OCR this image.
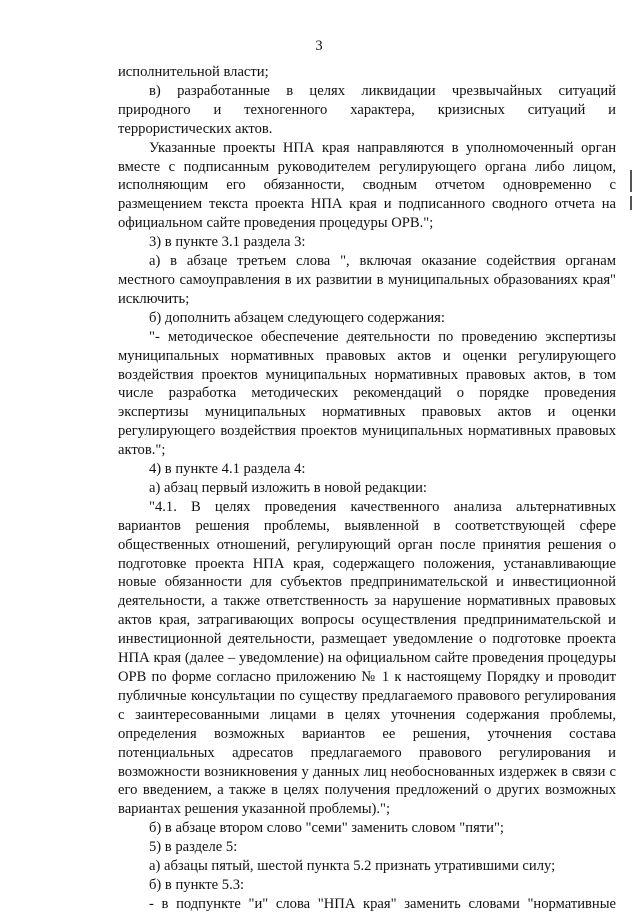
3

исполнительной власти;

в) разработанные в целях ликвидации чрезвычайных ситуаций природного и техногенного характера, кризисных ситуаций и террористических актов.

Указанные проекты НПА края направляются в уполномоченный орган вместе с подписанным руководителем регулирующего органа либо лицом, исполняющим его обязанности, сводным отчетом одновременно с размещением текста проекта НПА края и подписанного сводного отчета на официальном сайте проведения процедуры ОРВ.";

3) в пункте 3.1 раздела 3:

а) в абзаце третьем слова ", включая оказание содействия органам местного самоуправления в их развитии в муниципальных образованиях края" исключить;

б) дополнить абзацем следующего содержания:

"- методическое обеспечение деятельности по проведению экспертизы муниципальных нормативных правовых актов и оценки регулирующего воздействия проектов муниципальных нормативных правовых актов, в том числе разработка методических рекомендаций о порядке проведения экспертизы муниципальных нормативных правовых актов и оценки регулирующего воздействия проектов муниципальных нормативных правовых актов.";

4) в пункте 4.1 раздела 4:

а) абзац первый изложить в новой редакции:

"4.1. В целях проведения качественного анализа альтернативных вариантов решения проблемы, выявленной в соответствующей сфере общественных отношений, регулирующий орган после принятия решения о подготовке проекта НПА края, содержащего положения, устанавливающие новые обязанности для субъектов предпринимательской и инвестиционной деятельности, а также ответственность за нарушение нормативных правовых актов края, затрагивающих вопросы осуществления предпринимательской и инвестиционной деятельности, размещает уведомление о подготовке проекта НПА края (далее – уведомление) на официальном сайте проведения процедуры ОРВ по форме согласно приложению № 1 к настоящему Порядку и проводит публичные консультации по существу предлагаемого правового регулирования с заинтересованными лицами в целях уточнения содержания проблемы, определения возможных вариантов ее решения, уточнения состава потенциальных адресатов предлагаемого правового регулирования и возможности возникновения у данных лиц необоснованных издержек в связи с его введением, а также в целях получения предложений о других возможных вариантах решения указанной проблемы).";

б) в абзаце втором слово "семи" заменить словом "пяти";

5) в разделе 5:

а) абзацы пятый, шестой пункта 5.2 признать утратившими силу;

б) в пункте 5.3:

- в подпункте "и" слова "НПА края" заменить словами "нормативные
